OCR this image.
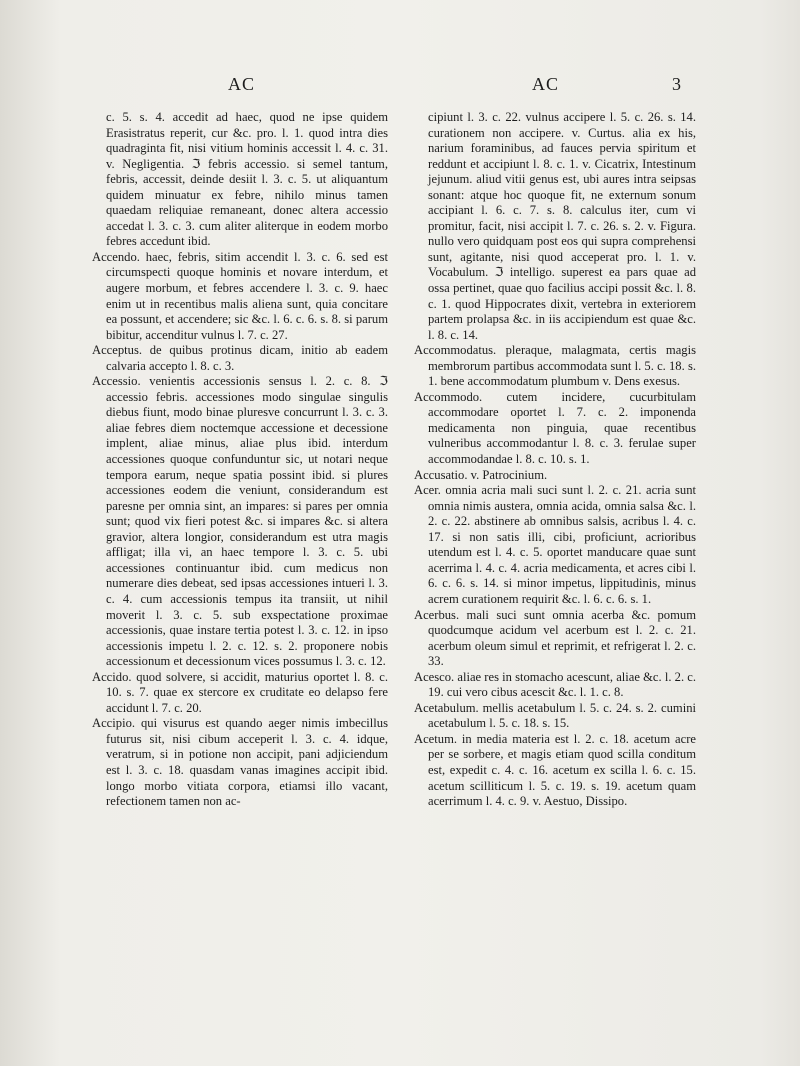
AC	AC	3

c. 5. s. 4. accedit ad haec, quod ne ipse quidem Erasistratus reperit, cur &c. pro. l. 1. quod intra dies quadraginta fit, nisi vitium hominis accessit l. 4. c. 31. v. Negligentia. ℑ febris accessio. si semel tantum, febris, accessit, deinde desiit l. 3. c. 5. ut aliquantum quidem minuatur ex febre, nihilo minus tamen quaedam reliquiae remaneant, donec altera accessio accedat l. 3. c. 3. cum aliter aliterque in eodem morbo febres accedunt ibid.

Accendo. haec, febris, sitim accendit l. 3. c. 6. sed est circumspecti quoque hominis et novare interdum, et augere morbum, et febres accendere l. 3. c. 9. haec enim ut in recentibus malis aliena sunt, quia concitare ea possunt, et accendere; sic &c. l. 6. c. 6. s. 8. si parum bibitur, accenditur vulnus l. 7. c. 27.

Acceptus. de quibus protinus dicam, initio ab eadem calvaria accepto l. 8. c. 3.

Accessio. venientis accessionis sensus l. 2. c. 8. ℑ accessio febris. accessiones modo singulae singulis diebus fiunt, modo binae pluresve concurrunt l. 3. c. 3. aliae febres diem noctemque accessione et decessione implent, aliae minus, aliae plus ibid. interdum accessiones quoque confunduntur sic, ut notari neque tempora earum, neque spatia possint ibid. si plures accessiones eodem die veniunt, considerandum est paresne per omnia sint, an impares: si pares per omnia sunt; quod vix fieri potest &c. si impares &c. si altera gravior, altera longior, considerandum est utra magis affligat; illa vi, an haec tempore l. 3. c. 5. ubi accessiones continuantur ibid. cum medicus non numerare dies debeat, sed ipsas accessiones intueri l. 3. c. 4. cum accessionis tempus ita transiit, ut nihil moverit l. 3. c. 5. sub exspectatione proximae accessionis, quae instare tertia potest l. 3. c. 12. in ipso accessionis impetu l. 2. c. 12. s. 2. proponere nobis accessionum et decessionum vices possumus l. 3. c. 12.

Accido. quod solvere, si accidit, maturius oportet l. 8. c. 10. s. 7. quae ex stercore ex cruditate eo delapso fere accidunt l. 7. c. 20.

Accipio. qui visurus est quando aeger nimis imbecillus futurus sit, nisi cibum acceperit l. 3. c. 4. idque, veratrum, si in potione non accipit, pani adjiciendum est l. 3. c. 18. quasdam vanas imagines accipit ibid. longo morbo vitiata corpora, etiamsi illo vacant, refectionem tamen non ac-

cipiunt l. 3. c. 22. vulnus accipere l. 5. c. 26. s. 14. curationem non accipere. v. Curtus. alia ex his, narium foraminibus, ad fauces pervia spiritum et reddunt et accipiunt l. 8. c. 1. v. Cicatrix, Intestinum jejunum. aliud vitii genus est, ubi aures intra seipsas sonant: atque hoc quoque fit, ne externum sonum accipiant l. 6. c. 7. s. 8. calculus iter, cum vi promitur, facit, nisi accipit l. 7. c. 26. s. 2. v. Figura. nullo vero quidquam post eos qui supra comprehensi sunt, agitante, nisi quod acceperat pro. l. 1. v. Vocabulum. ℑ intelligo. superest ea pars quae ad ossa pertinet, quae quo facilius accipi possit &c. l. 8. c. 1. quod Hippocrates dixit, vertebra in exteriorem partem prolapsa &c. in iis accipiendum est quae &c. l. 8. c. 14.

Accommodatus. pleraque, malagmata, certis magis membrorum partibus accommodata sunt l. 5. c. 18. s. 1. bene accommodatum plumbum v. Dens exesus.

Accommodo. cutem incidere, cucurbitulam accommodare oportet l. 7. c. 2. imponenda medicamenta non pinguia, quae recentibus vulneribus accommodantur l. 8. c. 3. ferulae super accommodandae l. 8. c. 10. s. 1.

Accusatio. v. Patrocinium.

Acer. omnia acria mali suci sunt l. 2. c. 21. acria sunt omnia nimis austera, omnia acida, omnia salsa &c. l. 2. c. 22. abstinere ab omnibus salsis, acribus l. 4. c. 17. si non satis illi, cibi, proficiunt, acrioribus utendum est l. 4. c. 5. oportet manducare quae sunt acerrima l. 4. c. 4. acria medicamenta, et acres cibi l. 6. c. 6. s. 14. si minor impetus, lippitudinis, minus acrem curationem requirit &c. l. 6. c. 6. s. 1.

Acerbus. mali suci sunt omnia acerba &c. pomum quodcumque acidum vel acerbum est l. 2. c. 21. acerbum oleum simul et reprimit, et refrigerat l. 2. c. 33.

Acesco. aliae res in stomacho acescunt, aliae &c. l. 2. c. 19. cui vero cibus acescit &c. l. 1. c. 8.

Acetabulum. mellis acetabulum l. 5. c. 24. s. 2. cumini acetabulum l. 5. c. 18. s. 15.

Acetum. in media materia est l. 2. c. 18. acetum acre per se sorbere, et magis etiam quod scilla conditum est, expedit c. 4. c. 16. acetum ex scilla l. 6. c. 15. acetum scilliticum l. 5. c. 19. s. 19. acetum quam acerrimum l. 4. c. 9. v. Aestuo, Dissipo.
